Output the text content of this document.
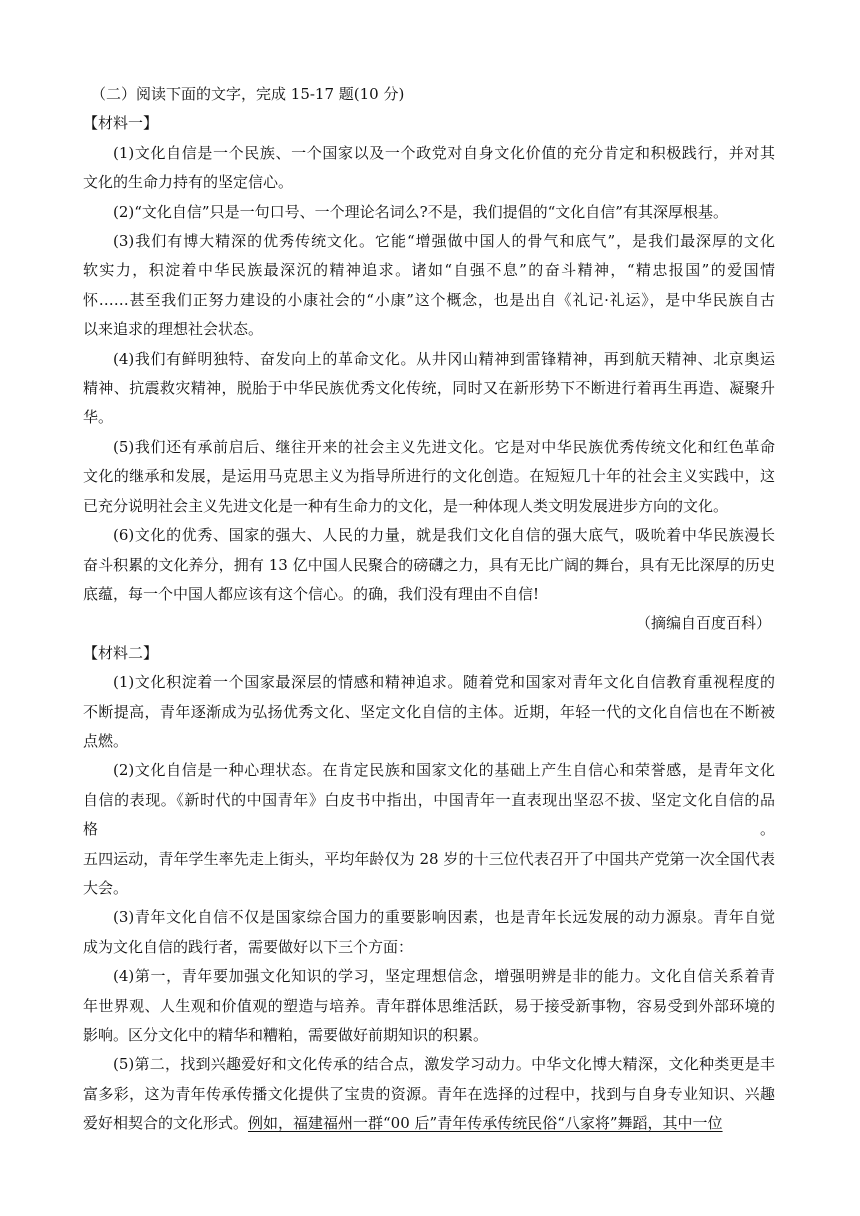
（二）阅读下面的文字，完成 15-17 题(10 分)
【材料一】
(1)文化自信是一个民族、一个国家以及一个政党对自身文化价值的充分肯定和积极践行，并对其
文化的生命力持有的坚定信心。
(2)“文化自信”只是一句口号、一个理论名词么?不是，我们提倡的“文化自信”有其深厚根基。
(3)我们有博大精深的优秀传统文化。它能“增强做中国人的骨气和底气”，是我们最深厚的文化
软实力，积淀着中华民族最深沉的精神追求。诸如“自强不息”的奋斗精神，“精忠报国”的爱国情
怀……甚至我们正努力建设的小康社会的“小康”这个概念，也是出自《礼记·礼运》，是中华民族自古
以来追求的理想社会状态。
(4)我们有鲜明独特、奋发向上的革命文化。从井冈山精神到雷锋精神，再到航天精神、北京奥运
精神、抗震救灾精神，脱胎于中华民族优秀文化传统，同时又在新形势下不断进行着再生再造、凝聚升
华。
(5)我们还有承前启后、继往开来的社会主义先进文化。它是对中华民族优秀传统文化和红色革命
文化的继承和发展，是运用马克思主义为指导所进行的文化创造。在短短几十年的社会主义实践中，这
已充分说明社会主义先进文化是一种有生命力的文化，是一种体现人类文明发展进步方向的文化。
(6)文化的优秀、国家的强大、人民的力量，就是我们文化自信的强大底气，吸吮着中华民族漫长
奋斗积累的文化养分，拥有 13 亿中国人民聚合的磅礴之力，具有无比广阔的舞台，具有无比深厚的历史
底蕴，每一个中国人都应该有这个信心。的确，我们没有理由不自信!
（摘编自百度百科）
【材料二】
(1)文化积淀着一个国家最深层的情感和精神追求。随着党和国家对青年文化自信教育重视程度的
不断提高，青年逐渐成为弘扬优秀文化、坚定文化自信的主体。近期，年轻一代的文化自信也在不断被
点燃。
(2)文化自信是一种心理状态。在肯定民族和国家文化的基础上产生自信心和荣誉感，是青年文化
自信的表现。《新时代的中国青年》白皮书中指出，中国青年一直表现出坚忍不拔、坚定文化自信的品格。
五四运动，青年学生率先走上街头，平均年龄仅为 28 岁的十三位代表召开了中国共产党第一次全国代表
大会。
(3)青年文化自信不仅是国家综合国力的重要影响因素，也是青年长远发展的动力源泉。青年自觉
成为文化自信的践行者，需要做好以下三个方面：
(4)第一，青年要加强文化知识的学习，坚定理想信念，增强明辨是非的能力。文化自信关系着青
年世界观、人生观和价值观的塑造与培养。青年群体思维活跃，易于接受新事物，容易受到外部环境的
影响。区分文化中的精华和糟粕，需要做好前期知识的积累。
(5)第二，找到兴趣爱好和文化传承的结合点，激发学习动力。中华文化博大精深，文化种类更是丰
富多彩，这为青年传承传播文化提供了宝贵的资源。青年在选择的过程中，找到与自身专业知识、兴趣
爱好相契合的文化形式。例如，福建福州一群“00 后”青年传承传统民俗“八家将”舞蹈，其中一位
